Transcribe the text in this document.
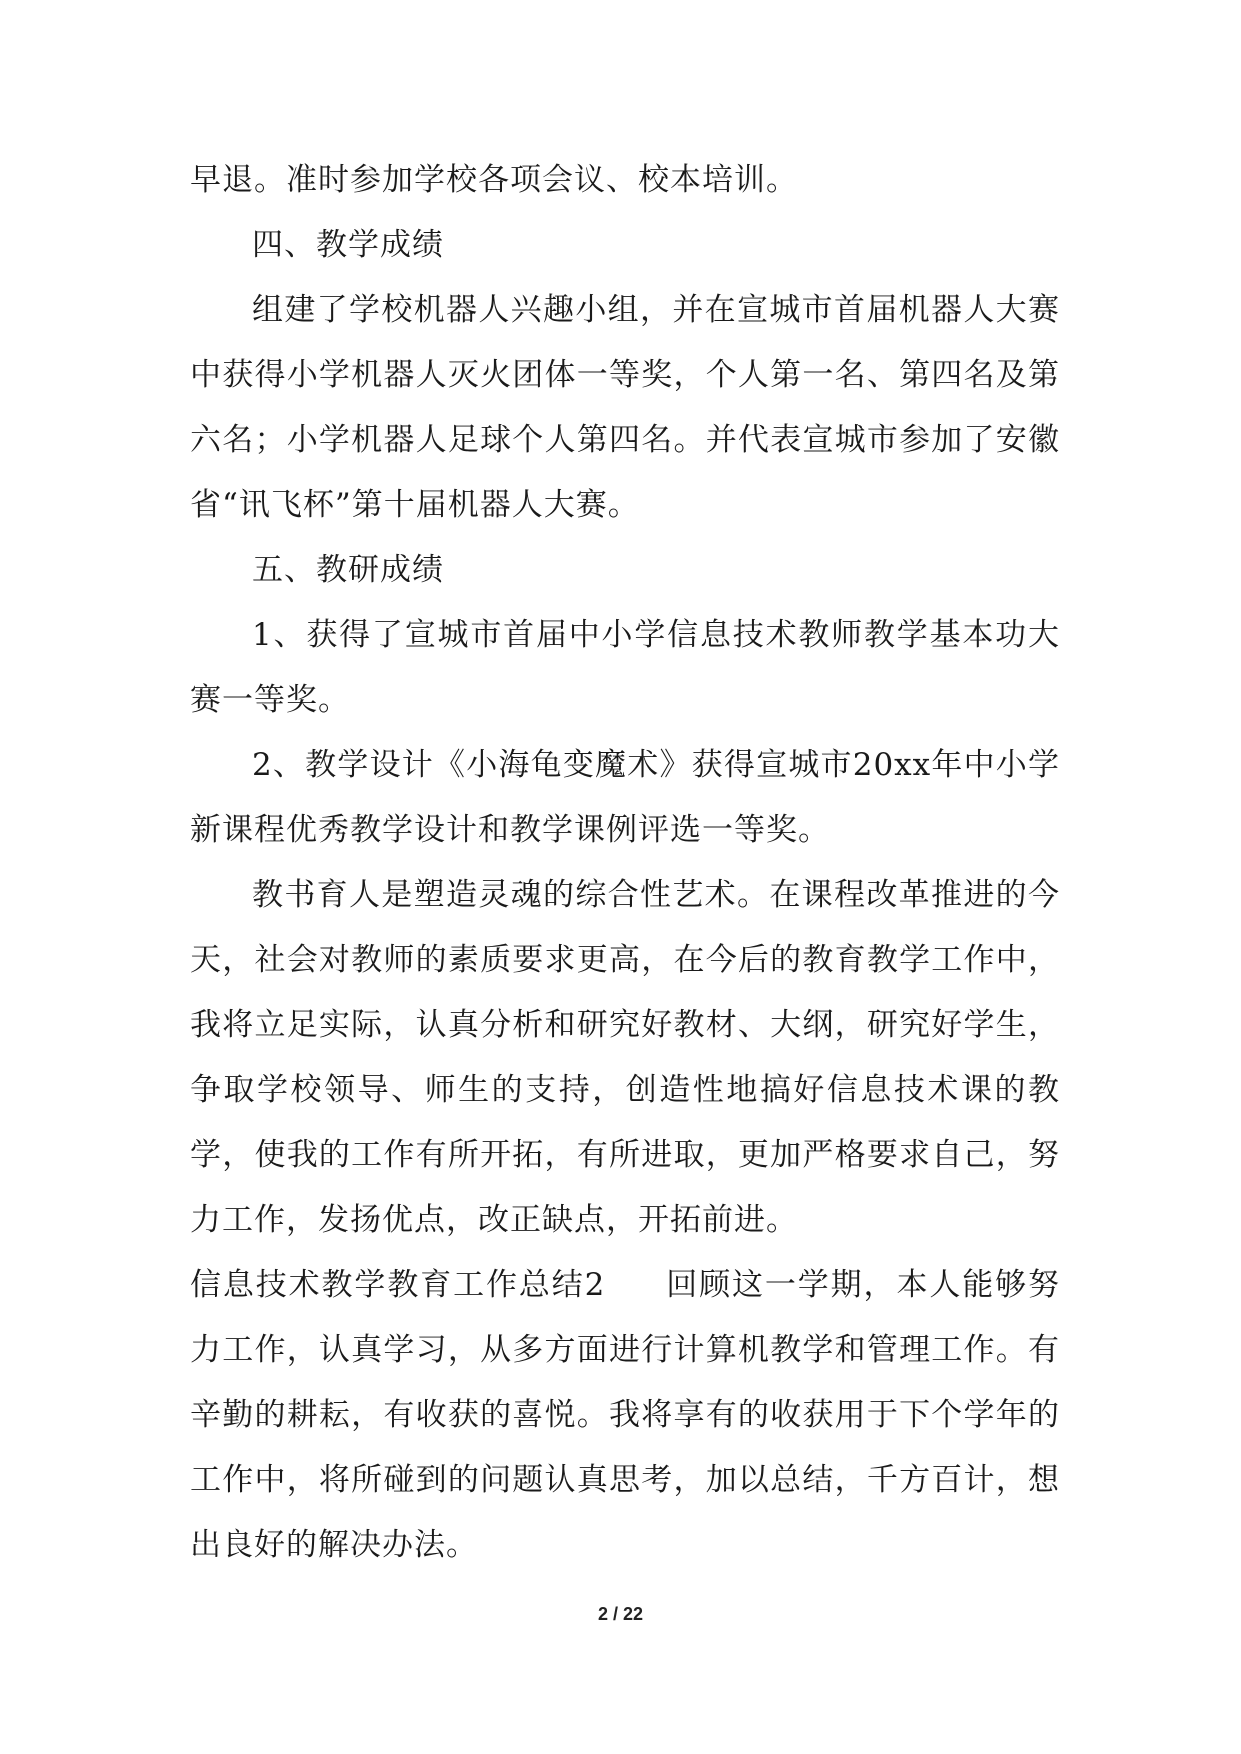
早退。准时参加学校各项会议、校本培训。

四、教学成绩

组建了学校机器人兴趣小组，并在宣城市首届机器人大赛中获得小学机器人灭火团体一等奖，个人第一名、第四名及第六名；小学机器人足球个人第四名。并代表宣城市参加了安徽省“讯飞杯”第十届机器人大赛。

五、教研成绩

1、获得了宣城市首届中小学信息技术教师教学基本功大赛一等奖。

2、教学设计《小海龟变魔术》获得宣城市20xx年中小学新课程优秀教学设计和教学课例评选一等奖。

教书育人是塑造灵魂的综合性艺术。在课程改革推进的今天，社会对教师的素质要求更高，在今后的教育教学工作中，我将立足实际，认真分析和研究好教材、大纲，研究好学生，争取学校领导、师生的支持，创造性地搞好信息技术课的教学，使我的工作有所开拓，有所进取，更加严格要求自己，努力工作，发扬优点，改正缺点，开拓前进。

信息技术教学教育工作总结2 回顾这一学期，本人能够努力工作，认真学习，从多方面进行计算机教学和管理工作。有辛勤的耕耘，有收获的喜悦。我将享有的收获用于下个学年的工作中，将所碰到的问题认真思考，加以总结，千方百计，想出良好的解决办法。

2 / 22
